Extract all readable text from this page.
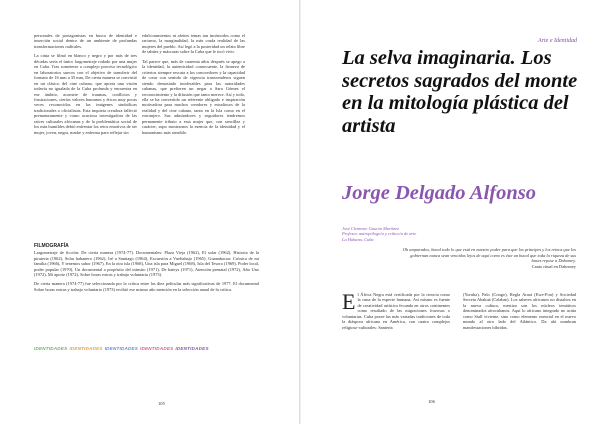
personales de protagonistas en busca de identidad e inserción social dentro de un ambiente de profundas transformaciones radicales.

La cinta se filmó en blanco y negro y por más de tres décadas sería el único largometraje rodado por una mujer en Cuba. Tras someterse a complejo proceso tecnológico en laboratorios suecos con el objetivo de transferir del formato de 16 mm a 35 mm, De cierta manera se convirtió en un clásico del cine cubano, que aporta una visión todavía no igualada de la Cuba profunda y encuentra en ese ámbito, acomete de traumas, conflictos y frustraciones, ciertos valores humanos y éticos muy pocas veces reconocidos en las imágenes simbólicas tradicionales o oficialistas. Esta inquieta creadora falleció prematuramente y como acuciosa investigadora de las raíces culturales africanas y de la problemática social de los más humildes debió enfrentar los retos emotivos de ser mujer, joven, negra, madre y enferma para reflejar sin

edulcoramientos ni afeites temas tan incómodos como el racismo, la marginalidad, la más cruda realidad de las mujeres del pueblo. Así legó a la posteridad un relato libre de tabúes y máscaras sobre la Cuba que le tocó vivir.

Tal parece que, más de cuarenta años después se apego a la identidad, la autenticidad consecuente, la firmeza de criterios siempre rescata a los conocedores y la capacidad de crear con sentido de vigencia transcenderos siguen siendo demasiado intolerables para las autoridades cubanas, que prefieren un negar a Sara Gómez el reconocimiento y la difusión que tanto merece. Así y todo, ella se ha convertido un referente obligado e inspiración motivadora para muchos creadores y estudiosos de la realidad y del cine cubano, tanto en la Isla como en el extranjero. Sus admiradores y seguidores tendremos permanente tributo a esta mujer que, con sencillez y carácter, supo mostrarnos la esencia de la identidad y el humanismo más sensible.

FILMOGRAFÍA

Largometraje de ficción: De cierta manera (1974-77). Documentales: Plaza Vieja (1962), El solar (1962), Historia de la piratería (1962), Solar habanero (1962), Iré a Santiago (1964), Excursión a Vueltabajo (1965), Guanabacoa: Crónica de mi familia (1966), Y tenemos sabor (1967), En la otra isla (1968), Una isla para Miguel (1968), Isla del Tesoro (1969), Poder local, poder popular (1970), Un documental a propósito del tránsito (1971), De bateys (1971), Atención prenatal (1972), Año Uno (1972), Mi aporte (1972), Sobre horas extras y trabajo voluntario (1973).

De cierta manera (1974-77) fue seleccionada por la crítica entre las diez películas más significativas de 1977. El documental Sobre horas extras y trabajo voluntario (1973) recibió ese mismo año mención en la selección anual de la crítica.

IDENTIDADES IDENTIDADES IDENTIDADES IDENTIDADES IDENTIDADES
105
Arte e Identidad
La selva imaginaria. Los secretos sagrados del monte en la mitología plástica del artista
Jorge Delgado Alfonso
José Clemente Gascón Martínez
Profesor, antropólogo/a y crítico/a de arte
La Habana, Cuba

Oh amparados, bucal todo lo que está en nuestro poder para que los príncipes y los reinos que los gobiernan nunca sean vencidos lejos de aquí como es éste un bucal que toda la riqueza de sus bases repose a Dahomey.

Canto ritual en Dahomey

El África Negra está certificada por la ciencia como la cuna de la especie humana. Así mismo es fuente de creatividad artística fecunda en otros continentes como resultado de las migraciones forzosas o voluntarias. Cuba posee las más variadas tradiciones de toda la diáspora africana en América, con cuatro complejos religioso-culturales: Santería
(Yoruba), Palo (Congo), Regla Arará (Ewe-Fon) y Sociedad Secreta Abakuá (Calabar). Los saberes africanos no distaltos en la nueva cultura, mestiza son los núcleos temáticos denominados afrocubanos. Aquí lo africano integrado no actúa como Stall viviente, sino como elemento esencial en el nuevo mundo al otro lado del Atlántico. Da ahí nombran manifestaciones híbridas.
106
